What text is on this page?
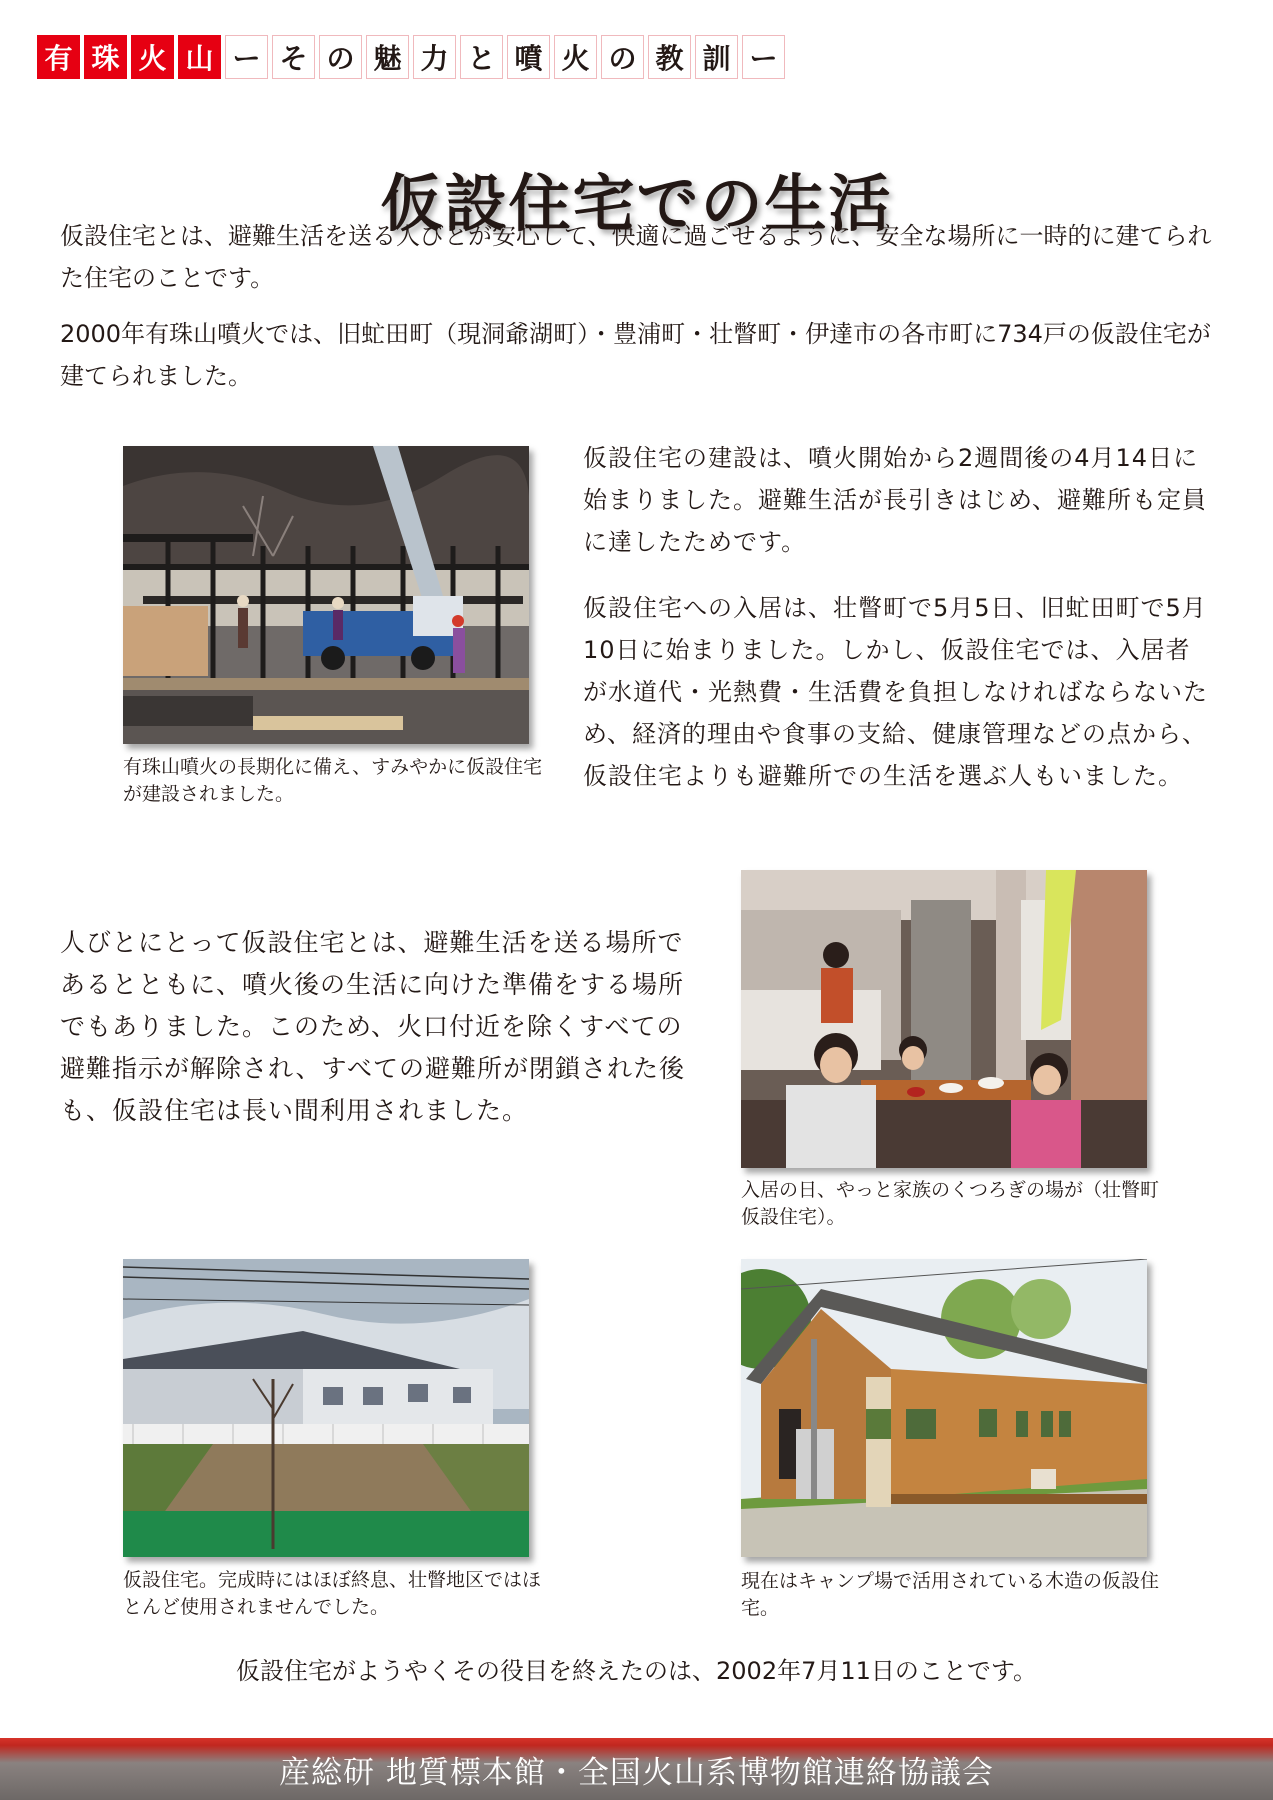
有 珠 火 山 ー そ の 魅 力 と 噴 火 の 教 訓 ー
仮設住宅での生活

仮設住宅とは、避難生活を送る人びとが安心して、快適に過ごせるように、安全な場所に一時的に建てられた住宅のことです。

2000年有珠山噴火では、旧虻田町（現洞爺湖町）・豊浦町・壮瞥町・伊達市の各市町に734戸の仮設住宅が建てられました。

有珠山噴火の長期化に備え、すみやかに仮設住宅が建設されました。

仮設住宅の建設は、噴火開始から2週間後の4月14日に始まりました。避難生活が長引きはじめ、避難所も定員に達したためです。

仮設住宅への入居は、壮瞥町で5月5日、旧虻田町で5月10日に始まりました。しかし、仮設住宅では、入居者が水道代・光熱費・生活費を負担しなければならないため、経済的理由や食事の支給、健康管理などの点から、仮設住宅よりも避難所での生活を選ぶ人もいました。

人びとにとって仮設住宅とは、避難生活を送る場所であるとともに、噴火後の生活に向けた準備をする場所でもありました。このため、火口付近を除くすべての避難指示が解除され、すべての避難所が閉鎖された後も、仮設住宅は長い間利用されました。

入居の日、やっと家族のくつろぎの場が（壮瞥町仮設住宅）。

仮設住宅。完成時にはほぼ終息、壮瞥地区ではほとんど使用されませんでした。

現在はキャンプ場で活用されている木造の仮設住宅。

仮設住宅がようやくその役目を終えたのは、2002年7月11日のことです。

産総研 地質標本館・全国火山系博物館連絡協議会
